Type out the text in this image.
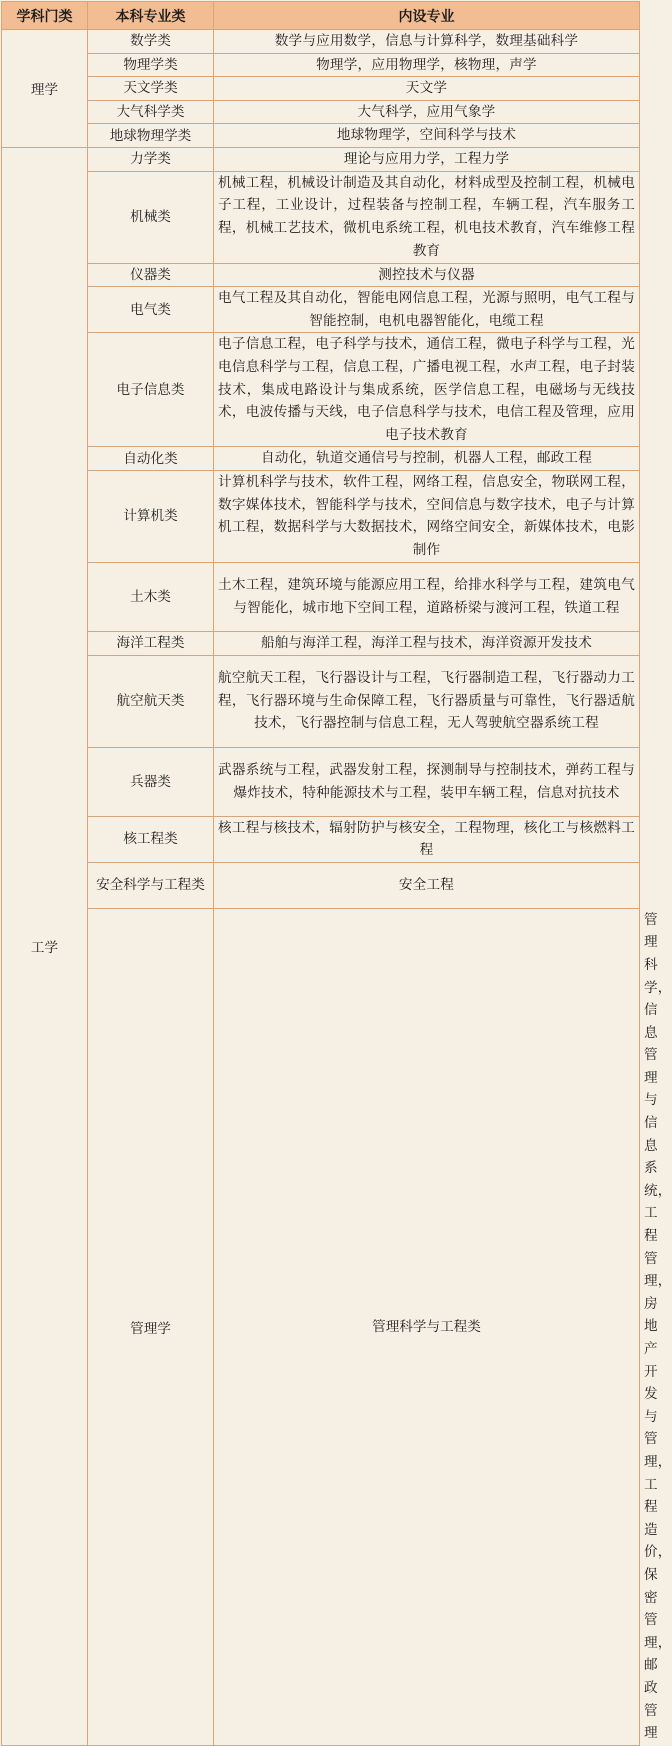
学科门类	本科专业类	内设专业	
理学	数学类	数学与应用数学，信息与计算科学，数理基础科学	
	物理学类	物理学，应用物理学，核物理，声学	
	天文学类	天文学	
	大气科学类	大气科学，应用气象学	
	地球物理学类	地球物理学，空间科学与技术	
工学	力学类	理论与应用力学，工程力学	
	机械类	机械工程，机械设计制造及其自动化，材料成型及控制工程，机械电子工程，工业设计，过程装备与控制工程，车辆工程，汽车服务工程，机械工艺技术，微机电系统工程，机电技术教育，汽车维修工程教育	
	仪器类	测控技术与仪器	
	电气类	电气工程及其自动化，智能电网信息工程，光源与照明，电气工程与智能控制，电机电器智能化，电缆工程	
	电子信息类	电子信息工程，电子科学与技术，通信工程，微电子科学与工程，光电信息科学与工程，信息工程，广播电视工程，水声工程，电子封装技术，集成电路设计与集成系统，医学信息工程，电磁场与无线技术，电波传播与天线，电子信息科学与技术，电信工程及管理，应用电子技术教育	
	自动化类	自动化，轨道交通信号与控制，机器人工程，邮政工程	
	计算机类	计算机科学与技术，软件工程，网络工程，信息安全，物联网工程，数字媒体技术，智能科学与技术，空间信息与数字技术，电子与计算机工程，数据科学与大数据技术，网络空间安全，新媒体技术，电影制作	
	土木类	土木工程，建筑环境与能源应用工程，给排水科学与工程，建筑电气与智能化，城市地下空间工程，道路桥梁与渡河工程，铁道工程	
	海洋工程类	船舶与海洋工程，海洋工程与技术，海洋资源开发技术	
	航空航天类	航空航天工程，飞行器设计与工程，飞行器制造工程，飞行器动力工程，飞行器环境与生命保障工程，飞行器质量与可靠性，飞行器适航技术，飞行器控制与信息工程，无人驾驶航空器系统工程	
	兵器类	武器系统与工程，武器发射工程，探测制导与控制技术，弹药工程与爆炸技术，特种能源技术与工程，装甲车辆工程，信息对抗技术	
	核工程类	核工程与核技术，辐射防护与核安全，工程物理，核化工与核燃料工程	
	安全科学与工程类	安全工程	
	管理学	管理科学与工程类	管理科学，信息管理与信息系统，工程管理，房地产开发与管理，工程造价，保密管理，邮政管理
